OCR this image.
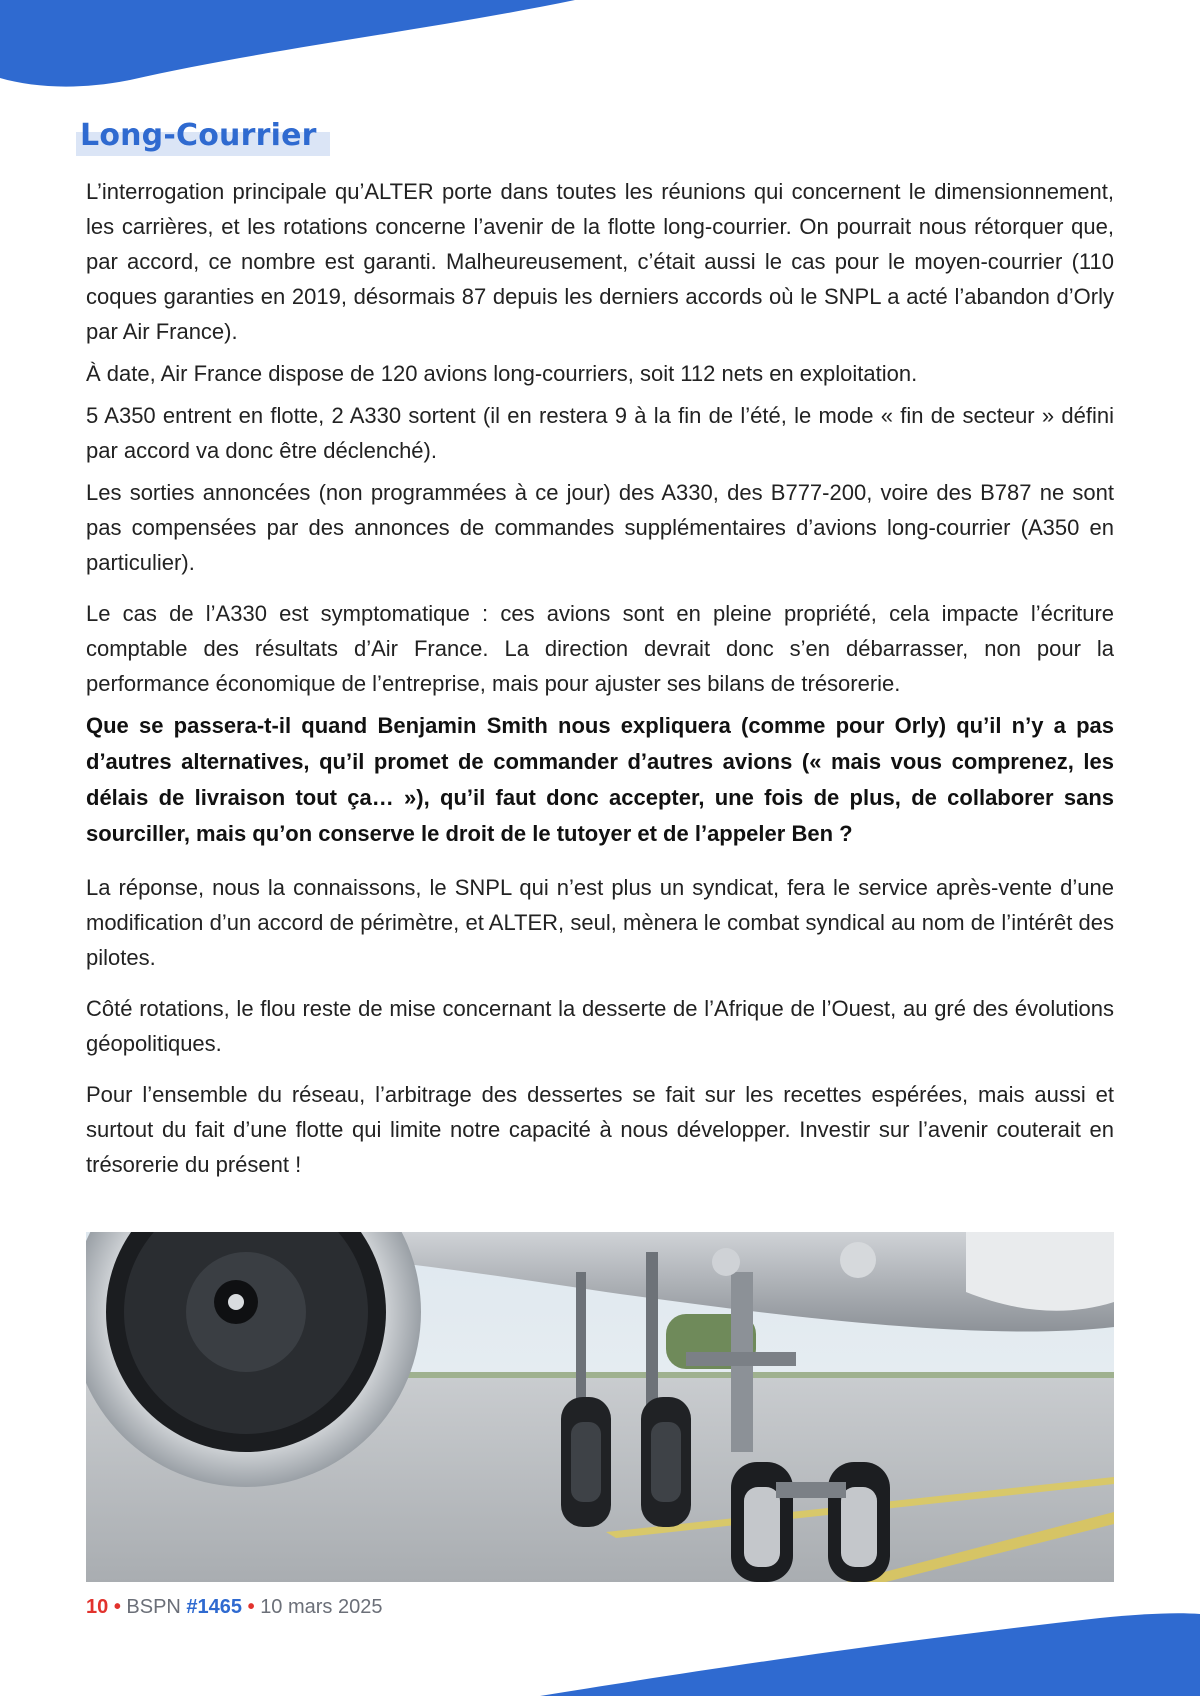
Long-Courrier

L’interrogation principale qu’ALTER porte dans toutes les réunions qui concernent le dimensionnement, les carrières, et les rotations concerne l’avenir de la flotte long-courrier. On pourrait nous rétorquer que, par accord, ce nombre est garanti. Malheureusement, c’était aussi le cas pour le moyen-courrier (110 coques garanties en 2019, désormais 87 depuis les derniers accords où le SNPL a acté l’abandon d’Orly par Air France).

À date, Air France dispose de 120 avions long-courriers, soit 112 nets en exploitation.

5 A350 entrent en flotte, 2 A330 sortent (il en restera 9 à la fin de l’été, le mode « fin de secteur » défini par accord va donc être déclenché).

Les sorties annoncées (non programmées à ce jour) des A330, des B777-200, voire des B787 ne sont pas compensées par des annonces de commandes supplémentaires d’avions long-courrier (A350 en particulier).

Le cas de l’A330 est symptomatique : ces avions sont en pleine propriété, cela impacte l’écriture comptable des résultats d’Air France. La direction devrait donc s’en débarrasser, non pour la performance économique de l’entreprise, mais pour ajuster ses bilans de trésorerie.

Que se passera-t-il quand Benjamin Smith nous expliquera (comme pour Orly) qu’il n’y a pas d’autres alternatives, qu’il promet de commander d’autres avions (« mais vous comprenez, les délais de livraison tout ça… »), qu’il faut donc accepter, une fois de plus, de collaborer sans sourciller, mais qu’on conserve le droit de le tutoyer et de l’appeler Ben ?

La réponse, nous la connaissons, le SNPL qui n’est plus un syndicat, fera le service après-vente d’une modification d’un accord de périmètre, et ALTER, seul, mènera le combat syndical au nom de l’intérêt des pilotes.

Côté rotations, le flou reste de mise concernant la desserte de l’Afrique de l’Ouest, au gré des évolutions géopolitiques.

Pour l’ensemble du réseau, l’arbitrage des dessertes se fait sur les recettes espérées, mais aussi et surtout du fait d’une flotte qui limite notre capacité à nous développer. Investir sur l’avenir couterait en trésorerie du présent !

10 • BSPN #1465 • 10 mars 2025
